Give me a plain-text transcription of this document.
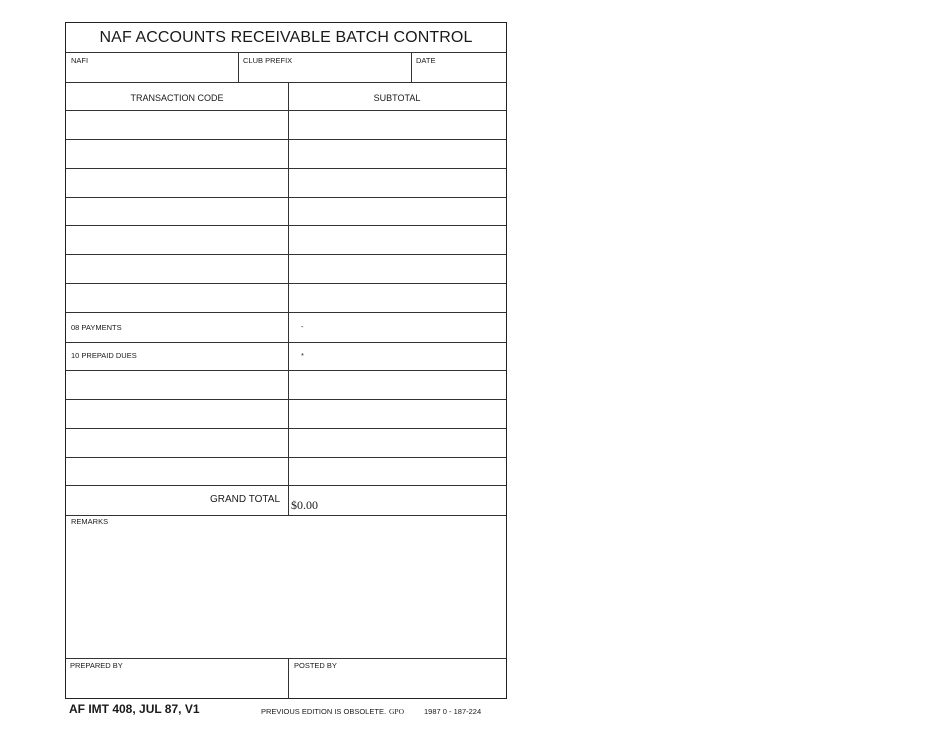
NAF ACCOUNTS RECEIVABLE BATCH CONTROL
NAFI	CLUB PREFIX	DATE
TRANSACTION CODE	SUBTOTAL
08 PAYMENTS	-
10 PREPAID DUES	*
GRAND TOTAL $0.00
REMARKS
PREPARED BY	POSTED BY
AF IMT 408, JUL 87, V1	PREVIOUS EDITION IS OBSOLETE. GPO	1987 0 - 187-224
